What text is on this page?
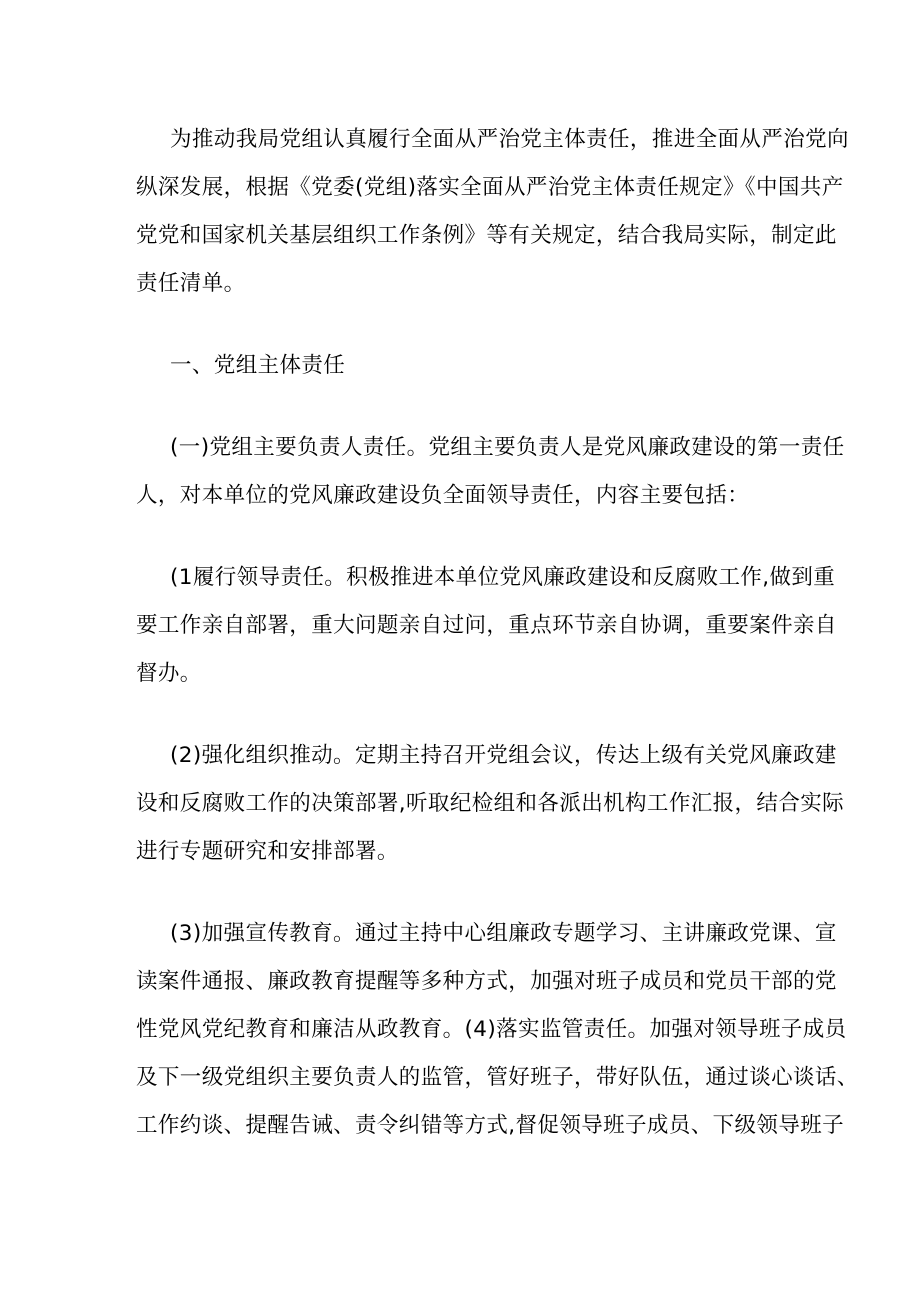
为推动我局党组认真履行全面从严治党主体责任，推进全面从严治党向

纵深发展，根据《党委(党组)落实全面从严治党主体责任规定》《中国共产

党党和国家机关基层组织工作条例》等有关规定，结合我局实际，制定此

责任清单。

一、党组主体责任

(一)党组主要负责人责任。党组主要负责人是党风廉政建设的第一责任

人，对本单位的党风廉政建设负全面领导责任，内容主要包括：

(1履行领导责任。积极推进本单位党风廉政建设和反腐败工作,做到重

要工作亲自部署，重大问题亲自过问，重点环节亲自协调，重要案件亲自

督办。

(2)强化组织推动。定期主持召开党组会议，传达上级有关党风廉政建

设和反腐败工作的决策部署,听取纪检组和各派出机构工作汇报，结合实际

进行专题研究和安排部署。

(3)加强宣传教育。通过主持中心组廉政专题学习、主讲廉政党课、宣

读案件通报、廉政教育提醒等多种方式，加强对班子成员和党员干部的党

性党风党纪教育和廉洁从政教育。(4)落实监管责任。加强对领导班子成员

及下一级党组织主要负责人的监管，管好班子，带好队伍，通过谈心谈话、

工作约谈、提醒告诫、责令纠错等方式,督促领导班子成员、下级领导班子
